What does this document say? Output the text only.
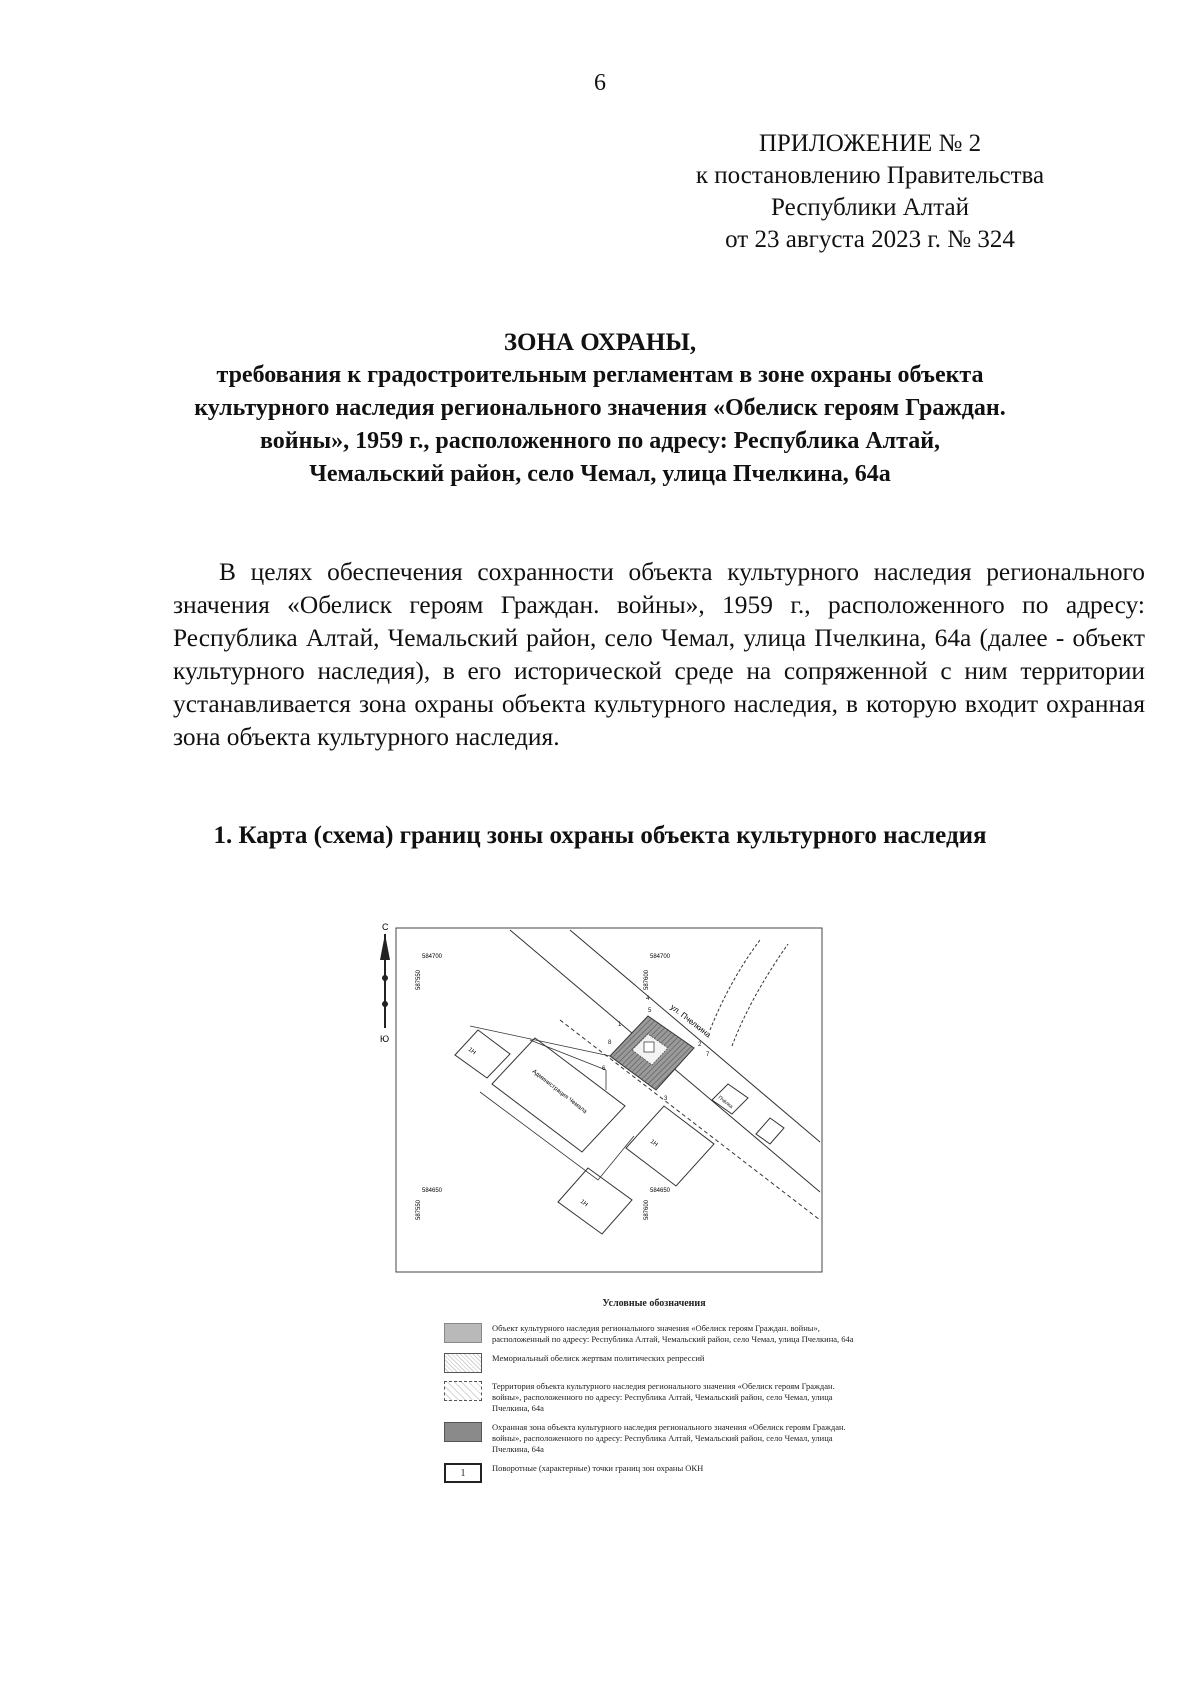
6
ПРИЛОЖЕНИЕ № 2
к постановлению Правительства
Республики Алтай
от 23 августа 2023 г. № 324
ЗОНА ОХРАНЫ,
требования к градостроительным регламентам в зоне охраны объекта
культурного наследия регионального значения «Обелиск героям Граждан.
войны», 1959 г., расположенного по адресу: Республика Алтай,
Чемальский район, село Чемал, улица Пчелкина, 64а

В целях обеспечения сохранности объекта культурного наследия регионального значения «Обелиск героям Граждан. войны», 1959 г., расположенного по адресу: Республика Алтай, Чемальский район, село Чемал, улица Пчелкина, 64а (далее - объект культурного наследия), в его исторической среде на сопряженной с ним территории устанавливается зона охраны объекта культурного наследия, в которую входит охранная зона объекта культурного наследия.

1. Карта (схема) границ зоны охраны объекта культурного наследия
С
Ю
584700	584700
584650	584650
587550	587600
587550	587600
ул. Пчелкина
1Н
Администрация Чемала
1Н
1Н
Пчёлка
1
2
3
4
5
6
7
8
Условные обозначения
Объект культурного наследия регионального значения «Обелиск героям Граждан. войны», расположенный по адресу: Республика Алтай, Чемальский район, село Чемал, улица Пчелкина, 64а
Мемориальный обелиск жертвам политических репрессий
Территория объекта культурного наследия регионального значения «Обелиск героям Граждан. войны», расположенного по адресу: Республика Алтай, Чемальский район, село Чемал, улица Пчелкина, 64а
Охранная зона объекта культурного наследия регионального значения «Обелиск героям Граждан. войны», расположенного по адресу: Республика Алтай, Чемальский район, село Чемал, улица Пчелкина, 64а
1	Поворотные (характерные) точки границ зон охраны ОКН
